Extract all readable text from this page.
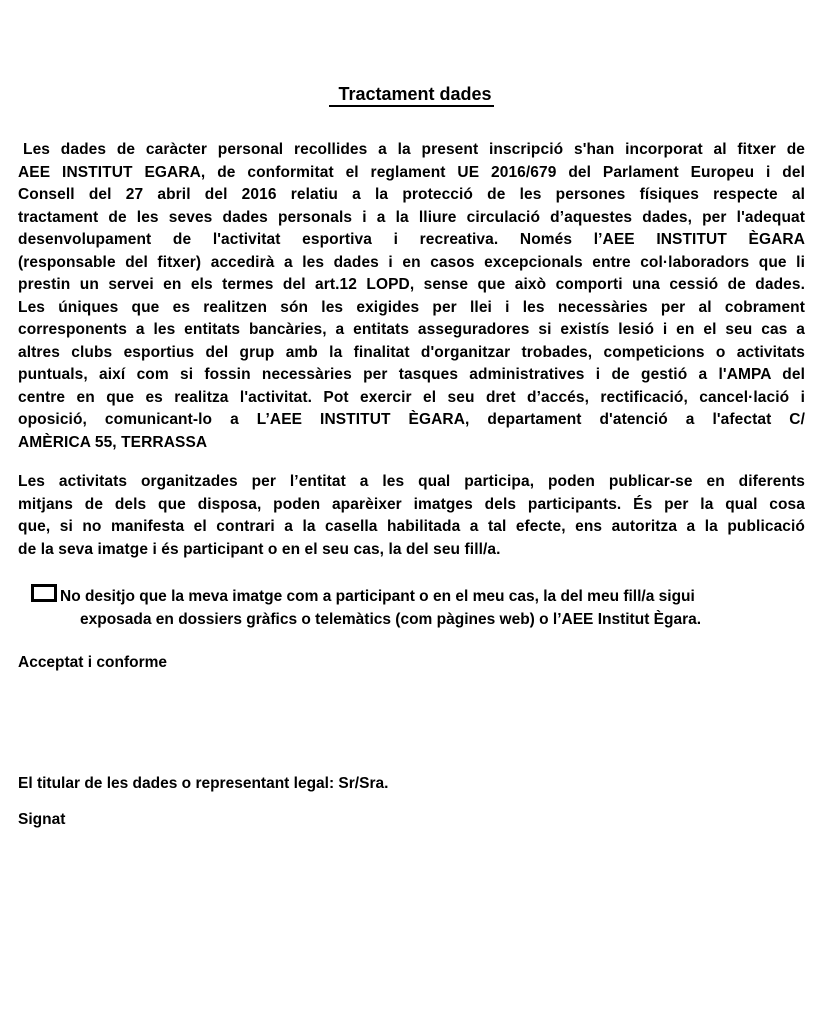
Tractament dades
Les dades de caràcter personal recollides a la present inscripció s'han incorporat al fitxer de
AEE INSTITUT EGARA, de conformitat el reglament UE 2016/679 del Parlament Europeu i del
Consell del 27 abril del 2016 relatiu a la protecció de les persones físiques respecte al
tractament de les seves dades personals i a la lliure circulació d’aquestes dades, per l'adequat
desenvolupament de l'activitat esportiva i recreativa. Només l’AEE INSTITUT ÈGARA
(responsable del fitxer) accedirà a les dades i en casos excepcionals entre col·laboradors que li
prestin un servei en els termes del art.12 LOPD, sense que això comporti una cessió de dades.
Les úniques que es realitzen són les exigides per llei i les necessàries per al cobrament
corresponents a les entitats bancàries, a entitats asseguradores si existís lesió i en el seu cas a
altres clubs esportius del grup amb la finalitat d'organitzar trobades, competicions o activitats
puntuals, així com si fossin necessàries per tasques administratives i de gestió a l'AMPA del
centre en que es realitza l'activitat. Pot exercir el seu dret d’accés, rectificació, cancel·lació i
oposició, comunicant-lo a L’AEE INSTITUT ÈGARA, departament d'atenció a l'afectat C/
AMÈRICA 55, TERRASSA
Les activitats organitzades per l’entitat a les qual participa, poden publicar-se en diferents
mitjans de dels que disposa, poden aparèixer imatges dels participants. És per la qual cosa
que, si no manifesta el contrari a la casella habilitada a tal efecte, ens autoritza a la publicació
de la seva imatge i és participant o en el seu cas, la del seu fill/a.
No desitjo que la meva imatge com a participant o en el meu cas, la del meu fill/a sigui
exposada en dossiers gràfics o telemàtics (com pàgines web) o l’AEE Institut Ègara.
Acceptat i conforme
El titular de les dades o representant legal: Sr/Sra.
Signat
